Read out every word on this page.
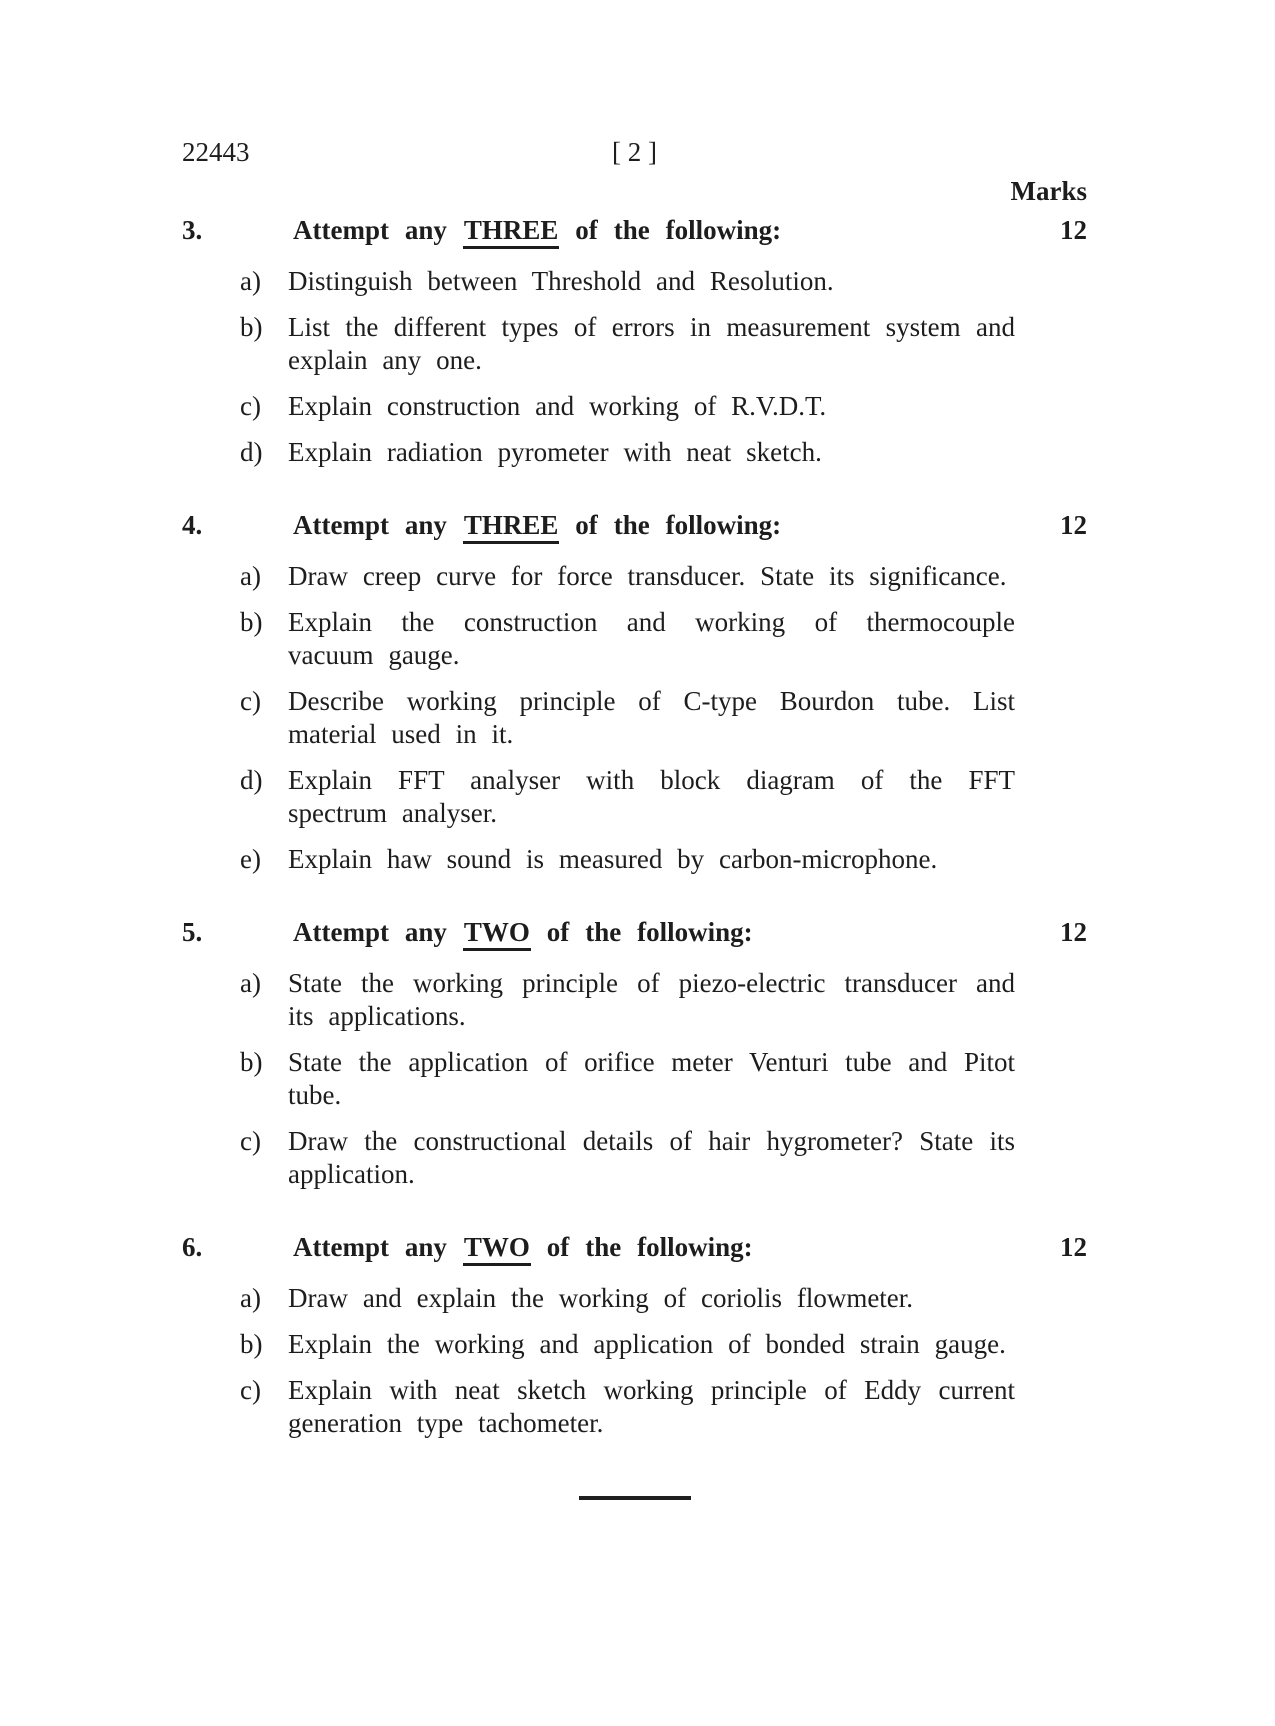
22443	[ 2 ]
Marks
3.	Attempt any THREE of the following:	12
a)	Distinguish between Threshold and Resolution.
b) List the different types of errors in measurement system and explain any one.
c)	Explain construction and working of R.V.D.T.
d) Explain radiation pyrometer with neat sketch.
4.	Attempt any THREE of the following:	12
a)	Draw creep curve for force transducer. State its significance.
b) Explain the construction and working of thermocouple vacuum gauge.
c)	Describe working principle of C-type Bourdon tube. List material used in it.
d) Explain FFT analyser with block diagram of the FFT spectrum analyser.
e)	Explain haw sound is measured by carbon-microphone.
5.	Attempt any TWO of the following:	12
a)	State the working principle of piezo-electric transducer and its applications.
b) State the application of orifice meter Venturi tube and Pitot tube.
c)	Draw the constructional details of hair hygrometer? State its application.
6.	Attempt any TWO of the following:	12
a)	Draw and explain the working of coriolis flowmeter.
b) Explain the working and application of bonded strain gauge.
c)	Explain with neat sketch working principle of Eddy current generation type tachometer.
